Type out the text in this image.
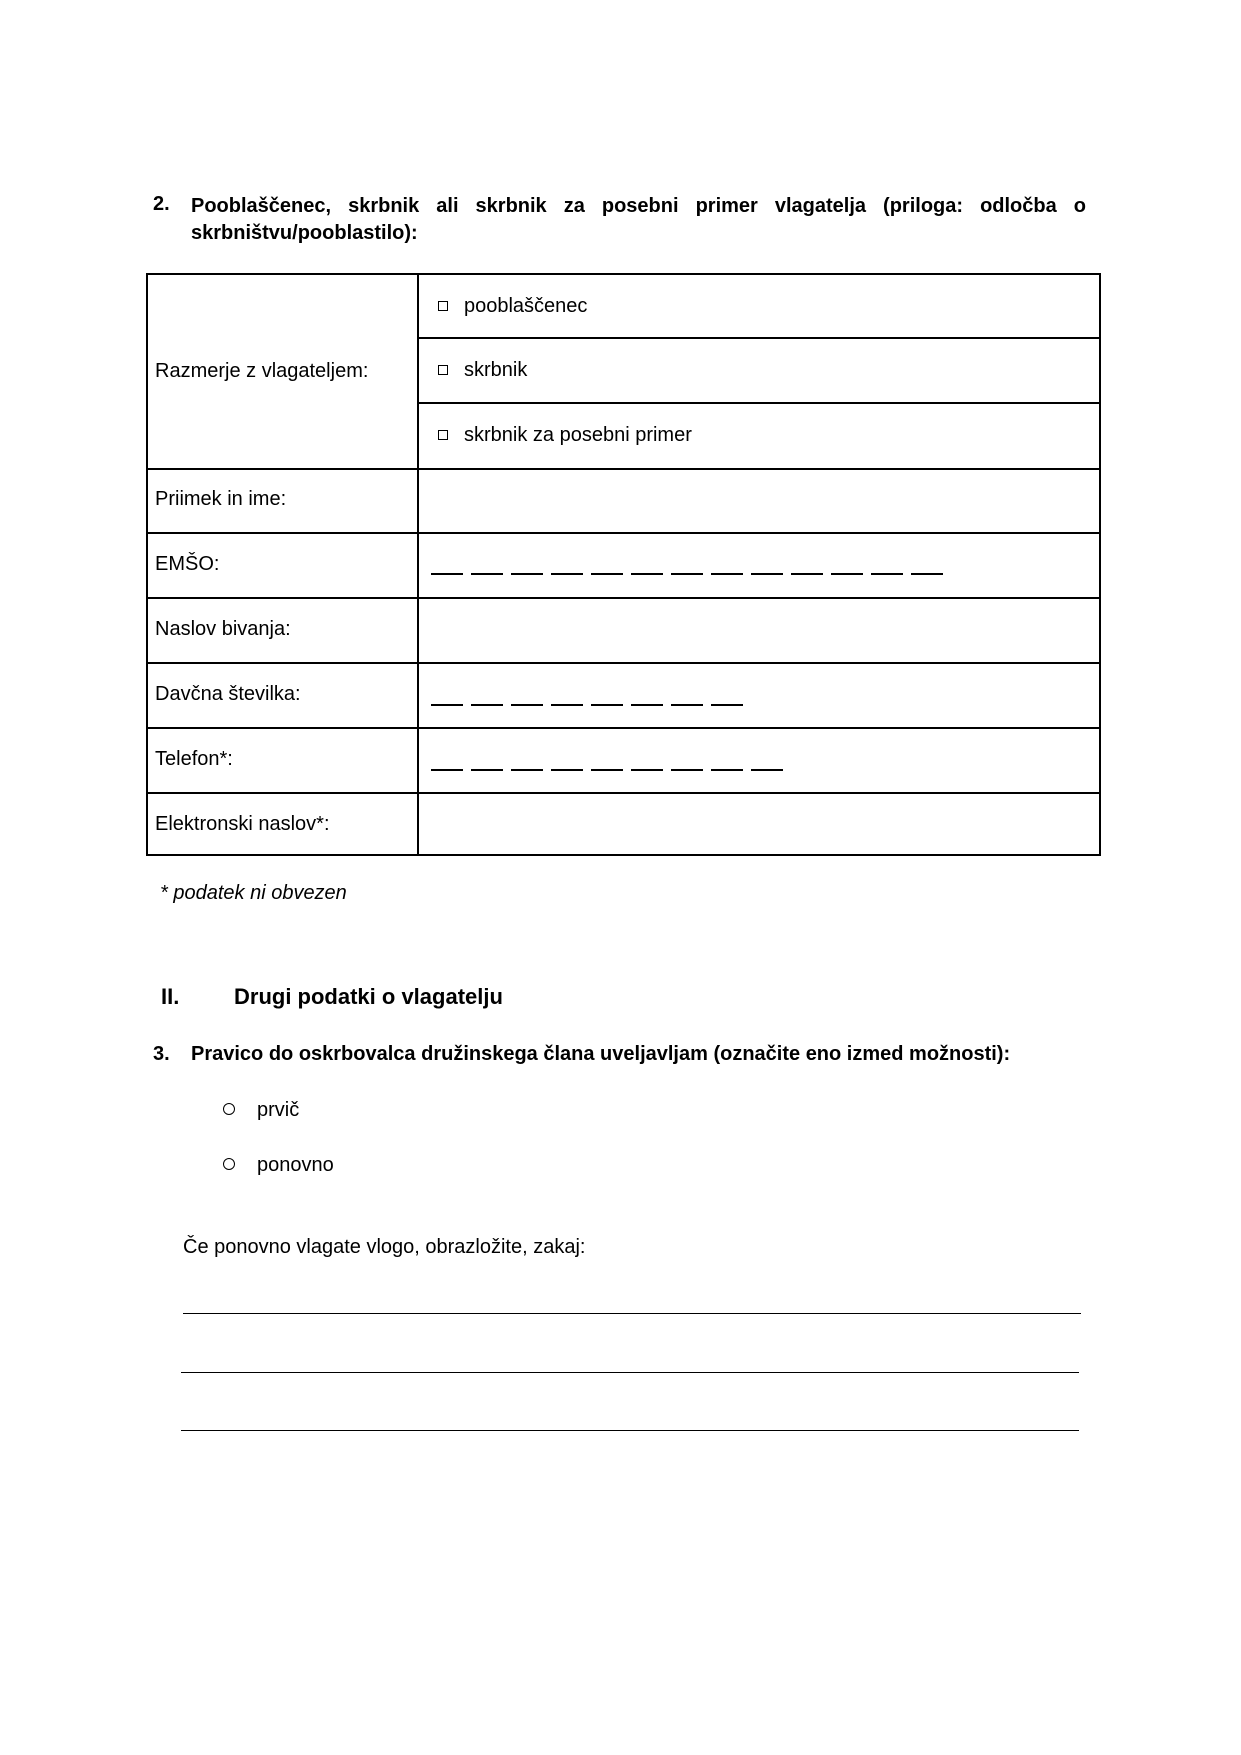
2. Pooblaščenec, skrbnik ali skrbnik za posebni primer vlagatelja (priloga: odločba o skrbništvu/pooblastilo):
Razmerje z vlagateljem:
pooblaščenec
skrbnik
skrbnik za posebni primer
Priimek in ime:
EMŠO:
Naslov bivanja:
Davčna številka:
Telefon*:
Elektronski naslov*:
* podatek ni obvezen
II. Drugi podatki o vlagatelju
3. Pravico do oskrbovalca družinskega člana uveljavljam (označite eno izmed možnosti):
prvič
ponovno
Če ponovno vlagate vlogo, obrazložite, zakaj:
